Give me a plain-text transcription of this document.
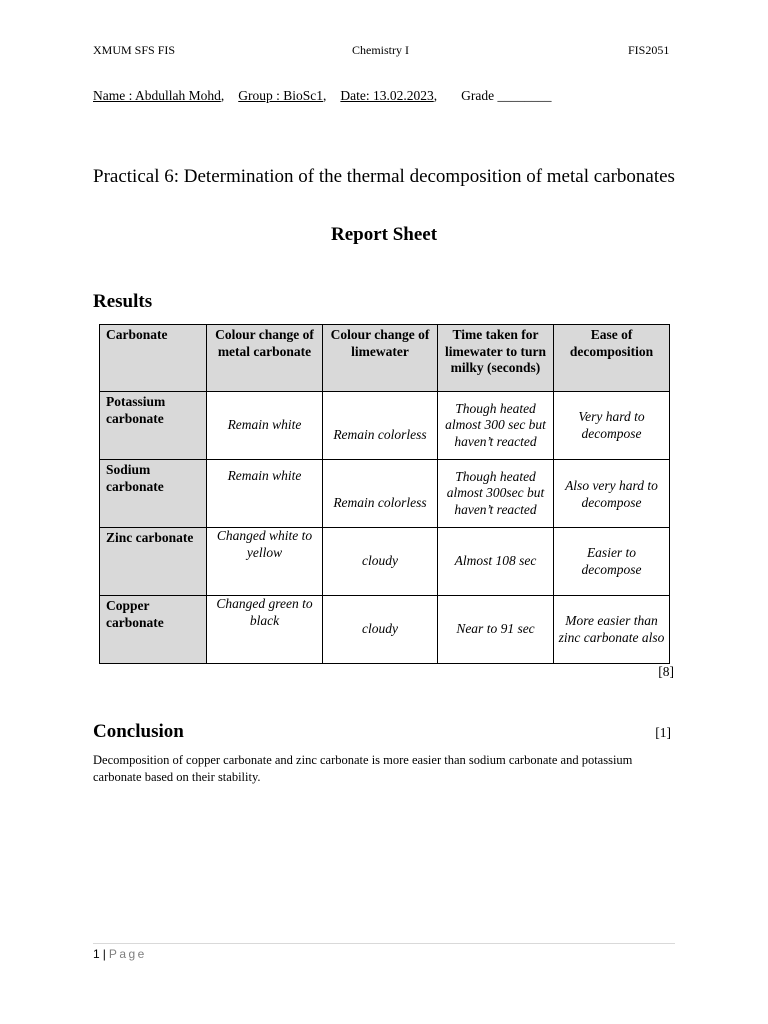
XMUM SFS FIS	Chemistry I	FIS2051
Name : Abdullah Mohd, Group : BioSc1, Date: 13.02.2023, Grade ________
Practical 6: Determination of the thermal decomposition of metal carbonates
Report Sheet
Results
Carbonate	Colour change of metal carbonate	Colour change of limewater	Time taken for limewater to turn milky (seconds)	Ease of decomposition
Potassium carbonate	Remain white	Remain colorless	Though heated almost 300 sec but haven’t reacted	Very hard to decompose
Sodium carbonate	Remain white	Remain colorless	Though heated almost 300sec but haven’t reacted	Also very hard to decompose
Zinc carbonate	Changed white to yellow	cloudy	Almost 108 sec	Easier to decompose
Copper carbonate	Changed green to black	cloudy	Near to 91 sec	More easier than zinc carbonate also
[8]
Conclusion	[1]
Decomposition of copper carbonate and zinc carbonate is more easier than sodium carbonate and potassium carbonate based on their stability.
1 | Page
